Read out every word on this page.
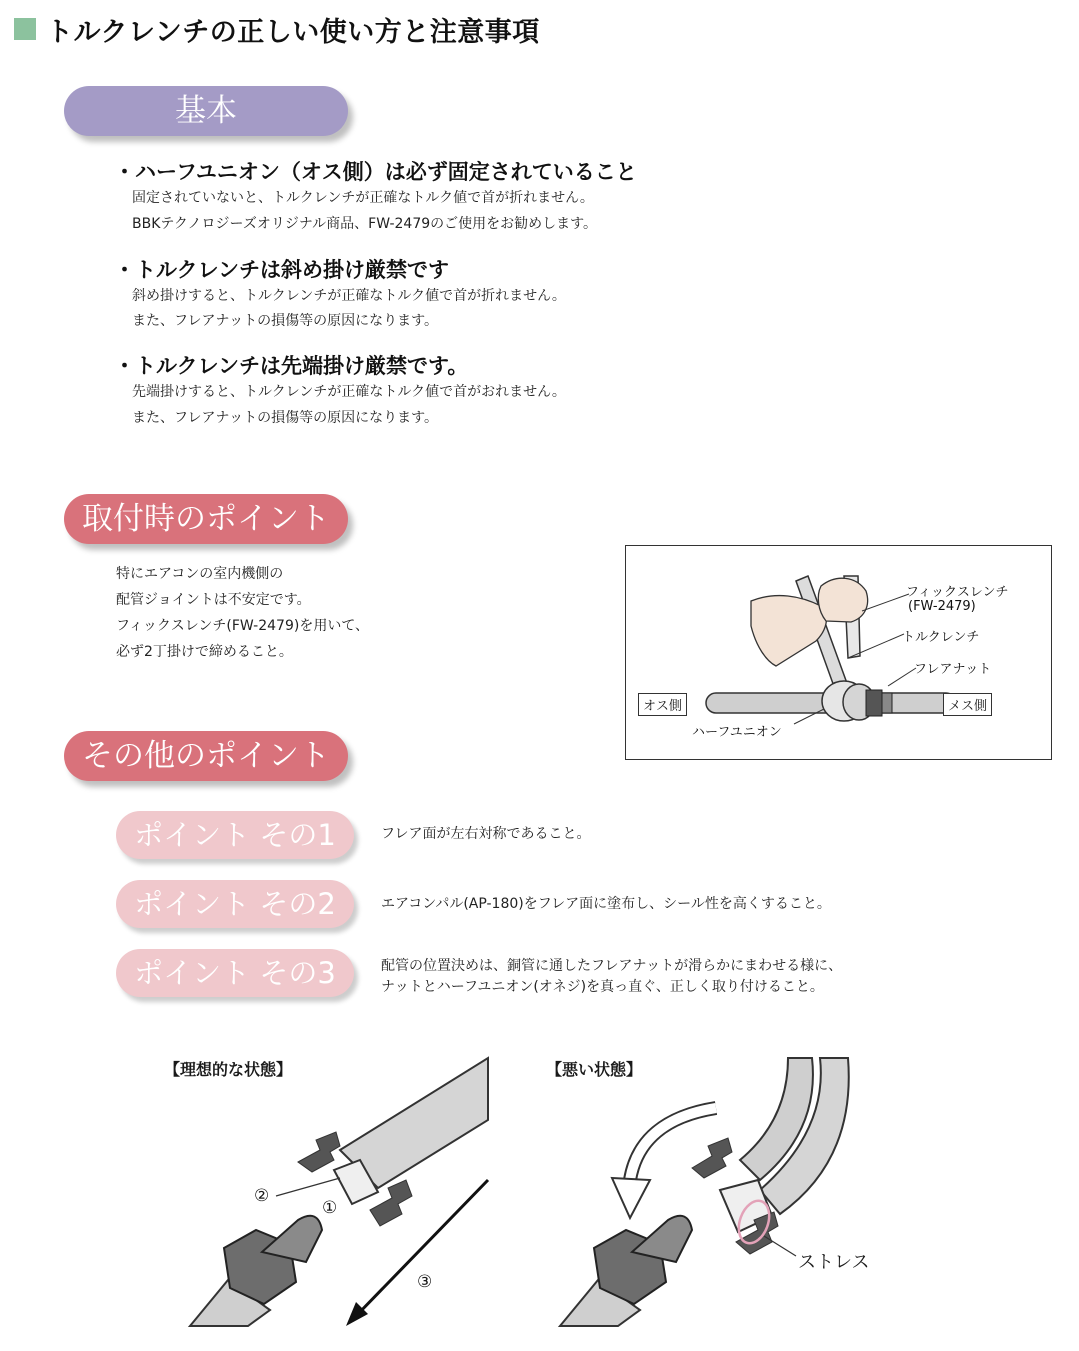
トルクレンチの正しい使い方と注意事項
基本
・ハーフユニオン（オス側）は必ず固定されていること
固定されていないと、トルクレンチが正確なトルク値で首が折れません。
BBKテクノロジーズオリジナル商品、FW-2479のご使用をお勧めします。
・トルクレンチは斜め掛け厳禁です
斜め掛けすると、トルクレンチが正確なトルク値で首が折れません。
また、フレアナットの損傷等の原因になります。
・トルクレンチは先端掛け厳禁です。
先端掛けすると、トルクレンチが正確なトルク値で首がおれません。
また、フレアナットの損傷等の原因になります。
取付時のポイント
特にエアコンの室内機側の
配管ジョイントは不安定です。
フィックスレンチ(FW-2479)を用いて、
必ず2丁掛けで締めること。
フィックスレンチ
(FW-2479)
トルクレンチ
フレアナット
オス側	メス側
ハーフユニオン
その他のポイント
ポイント その1	フレア面が左右対称であること。
ポイント その2	エアコンパル(AP-180)をフレア面に塗布し、シール性を高くすること。
ポイント その3	配管の位置決めは、銅管に通したフレアナットが滑らかにまわせる様に、
ナットとハーフユニオン(オネジ)を真っ直ぐ、正しく取り付けること。
【理想的な状態】	【悪い状態】
②
①
③
ストレス
